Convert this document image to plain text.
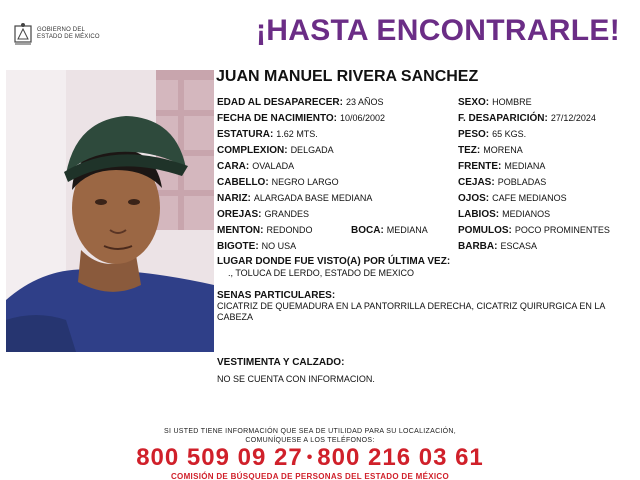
GOBIERNO DEL
ESTADO DE MÉXICO	¡HASTA ENCONTRARLE!
JUAN MANUEL RIVERA SANCHEZ
EDAD AL DESAPARECER: 23 AÑOS
FECHA DE NACIMIENTO: 10/06/2002
ESTATURA: 1.62 MTS.
COMPLEXION: DELGADA
CARA: OVALADA
CABELLO: NEGRO LARGO
NARIZ: ALARGADA BASE MEDIANA
OREJAS: GRANDES
MENTON: REDONDO	BOCA: MEDIANA
BIGOTE: NO USA
SEXO: HOMBRE
F. DESAPARICIÓN: 27/12/2024
PESO: 65 KGS.
TEZ: MORENA
FRENTE: MEDIANA
CEJAS: POBLADAS
OJOS: CAFE MEDIANOS
LABIOS: MEDIANOS
POMULOS: POCO PROMINENTES
BARBA: ESCASA
LUGAR DONDE FUE VISTO(A) POR ÚLTIMA VEZ:
., TOLUCA DE LERDO, ESTADO DE MEXICO
SENAS PARTICULARES:
CICATRIZ DE QUEMADURA EN LA PANTORRILLA DERECHA, CICATRIZ QUIRURGICA EN LA CABEZA
VESTIMENTA Y CALZADO:
NO SE CUENTA CON INFORMACION.
SI USTED TIENE INFORMACIÓN QUE SEA DE UTILIDAD PARA SU LOCALIZACIÓN,
COMUNÍQUESE A LOS TELÉFONOS:
800 509 09 27 • 800 216 03 61
COMISIÓN DE BÚSQUEDA DE PERSONAS DEL ESTADO DE MÉXICO
